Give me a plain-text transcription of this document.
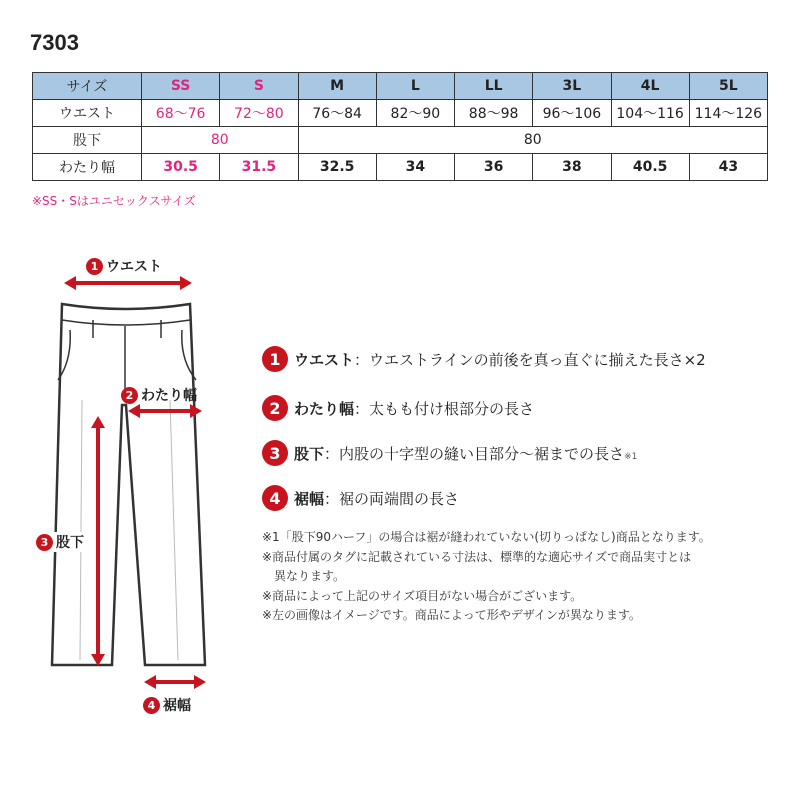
7303
サイズ	SS	S	M	L	LL	3L	4L	5L
ウエスト	68〜76	72〜80	76〜84	82〜90	88〜98	96〜106	104〜116	114〜126
股下	80		80					
わたり幅	30.5	31.5	32.5	34	36	38	40.5	43
※SS・Sはユニセックスサイズ
1 ウエスト
2 わたり幅
3 股下
4 裾幅
1 ウエスト：ウエストラインの前後を真っ直ぐに揃えた長さ×2
2 わたり幅：太もも付け根部分の長さ
3 股下：内股の十字型の縫い目部分〜裾までの長さ※1
4 裾幅：裾の両端間の長さ
※1「股下90ハーフ」の場合は裾が縫われていない(切りっぱなし)商品となります。
※商品付属のタグに記載されている寸法は、標準的な適応サイズで商品実寸とは
　異なります。
※商品によって上記のサイズ項目がない場合がございます。
※左の画像はイメージです。商品によって形やデザインが異なります。
